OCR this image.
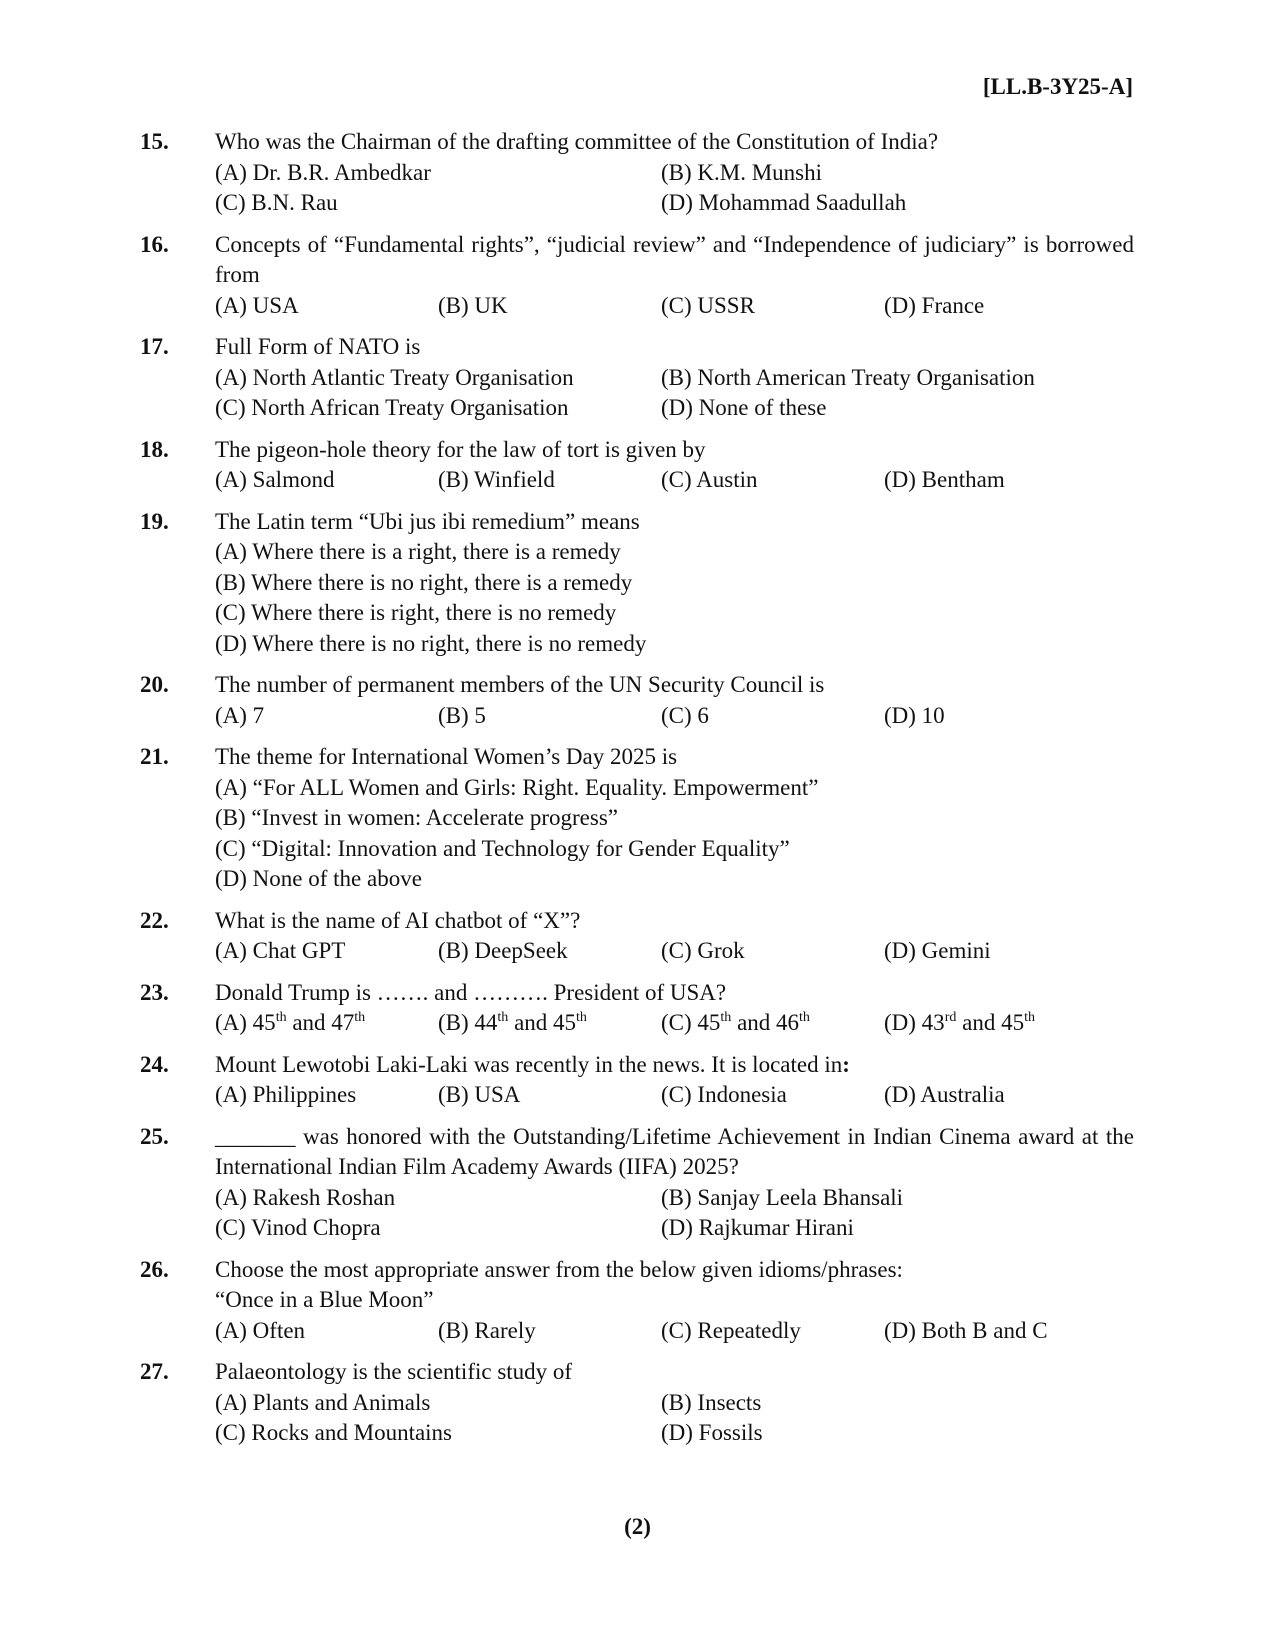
[LL.B-3Y25-A]
15.	Who was the Chairman of the drafting committee of the Constitution of India?
(A) Dr. B.R. Ambedkar	(B) K.M. Munshi
(C) B.N. Rau	(D) Mohammad Saadullah
16.	Concepts of “Fundamental rights”, “judicial review” and “Independence of judiciary” is borrowed from
(A) USA	(B) UK	(C) USSR	(D) France
17.	Full Form of NATO is
(A) North Atlantic Treaty Organisation	(B) North American Treaty Organisation
(C) North African Treaty Organisation	(D) None of these
18.	The pigeon-hole theory for the law of tort is given by
(A) Salmond	(B) Winfield	(C) Austin	(D) Bentham
19.	The Latin term “Ubi jus ibi remedium” means
(A) Where there is a right, there is a remedy
(B) Where there is no right, there is a remedy
(C) Where there is right, there is no remedy
(D) Where there is no right, there is no remedy
20.	The number of permanent members of the UN Security Council is
(A) 7	(B) 5	(C) 6	(D) 10
21.	The theme for International Women’s Day 2025 is
(A) “For ALL Women and Girls: Right. Equality. Empowerment”
(B) “Invest in women: Accelerate progress”
(C) “Digital: Innovation and Technology for Gender Equality”
(D) None of the above
22.	What is the name of AI chatbot of “X”?
(A) Chat GPT	(B) DeepSeek	(C) Grok	(D) Gemini
23.	Donald Trump is ……. and ………. President of USA?
(A) 45th and 47th	(B) 44th and 45th	(C) 45th and 46th	(D) 43rd and 45th
24.	Mount Lewotobi Laki-Laki was recently in the news. It is located in:
(A) Philippines	(B) USA	(C) Indonesia	(D) Australia
25.	_______ was honored with the Outstanding/Lifetime Achievement in Indian Cinema award at the International Indian Film Academy Awards (IIFA) 2025?
(A) Rakesh Roshan	(B) Sanjay Leela Bhansali
(C) Vinod Chopra	(D) Rajkumar Hirani
26.	Choose the most appropriate answer from the below given idioms/phrases:
“Once in a Blue Moon”
(A) Often	(B) Rarely	(C) Repeatedly	(D) Both B and C
27.	Palaeontology is the scientific study of
(A) Plants and Animals	(B) Insects
(C) Rocks and Mountains	(D) Fossils
(2)
